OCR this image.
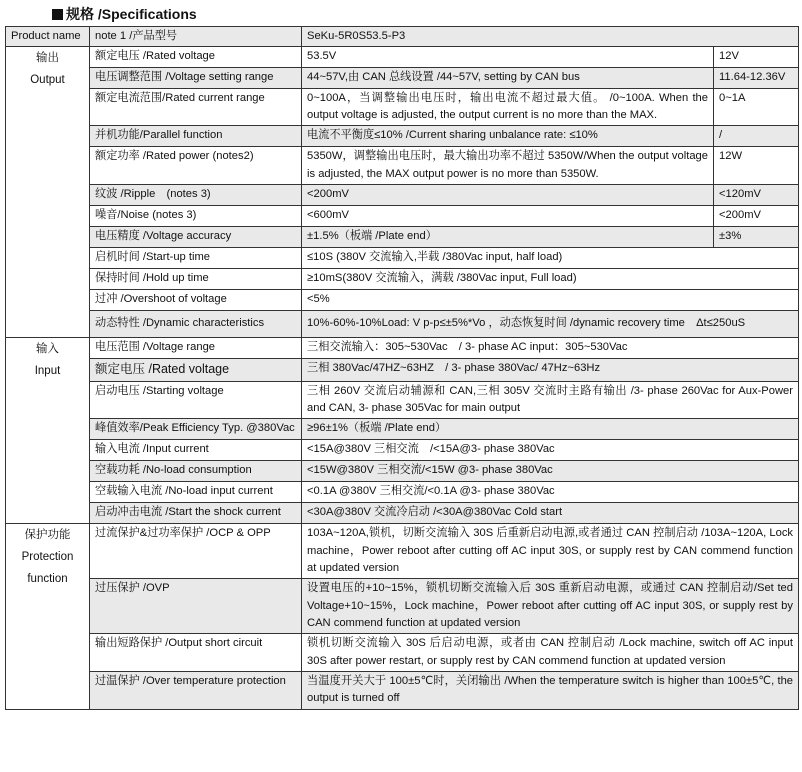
规格 /Specifications
Product name	note 1 /产品型号	SeKu-5R0S53.5-P3	
输出
Output	额定电压 /Rated voltage	53.5V	12V
	电压调整范围 /Voltage setting range	44~57V,由 CAN 总线设置 /44~57V, setting by CAN bus	11.64-12.36V
	额定电流范围/Rated current range	0~100A，当调整输出电压时，输出电流不超过最大值。 /0~100A. When the output voltage is adjusted, the output current is no more than the MAX.	0~1A
	并机功能/Parallel function	电流不平衡度≤10% /Current sharing unbalance rate: ≤10%	/
	额定功率 /Rated power (notes2)	5350W，调整输出电压时，最大输出功率不超过 5350W/When the output voltage is adjusted, the MAX output power is no more than 5350W.	12W
	纹波 /Ripple　(notes 3)	<200mV	<120mV
	噪音/Noise (notes 3)	<600mV	<200mV
	电压精度 /Voltage accuracy	±1.5%（板端 /Plate end）	±3%
	启机时间 /Start-up time	≤10S (380V 交流输入,半载 /380Vac input, half load)	
	保持时间 /Hold up time	≥10mS(380V 交流输入，满载 /380Vac input, Full load)	
	过冲 /Overshoot of voltage	<5%	
	动态特性 /Dynamic characteristics	10%-60%-10%Load: V p-p≤±5%*Vo ，动态恢复时间 /dynamic recovery time　Δt≤250uS	
输入
Input	电压范围 /Voltage range	三相交流输入：305~530Vac　/ 3- phase AC input：305~530Vac	
	额定电压 /Rated voltage	三相 380Vac/47HZ~63HZ　/ 3- phase 380Vac/ 47Hz~63Hz	
	启动电压 /Starting voltage	三相 260V 交流启动辅源和 CAN,三相 305V 交流时主路有输出 /3- phase 260Vac for Aux-Power and CAN, 3- phase 305Vac for main output	
	峰值效率/Peak Efficiency Typ. @380Vac	≥96±1%（板端 /Plate end）	
	输入电流 /Input current	<15A@380V 三相交流　/<15A@3- phase 380Vac	
	空载功耗 /No-load consumption	<15W@380V 三相交流/<15W @3- phase 380Vac	
	空载输入电流 /No-load input current	<0.1A @380V 三相交流/<0.1A @3- phase 380Vac	
	启动冲击电流 /Start the shock current	<30A@380V 交流冷启动 /<30A@380Vac Cold start	
保护功能
Protection
function	过流保护&过功率保护 /OCP & OPP	103A~120A,锁机，切断交流输入 30S 后重新启动电源,或者通过 CAN 控制启动 /103A~120A, Lock machine，Power reboot after cutting off AC input 30S, or supply rest by CAN commend function at updated version	
	过压保护 /OVP	设置电压的+10~15%，锁机切断交流输入后 30S 重新启动电源，或通过 CAN 控制启动/Set ted Voltage+10~15%，Lock machine，Power reboot after cutting off AC input 30S, or supply rest by CAN commend function at updated version	
	输出短路保护 /Output short circuit	锁机切断交流输入 30S 后启动电源，或者由 CAN 控制启动 /Lock machine, switch off AC input 30S after power restart, or supply rest by CAN commend function at updated version	
	过温保护 /Over temperature protection	当温度开关大于 100±5℃时，关闭输出 /When the temperature switch is higher than 100±5℃, the output is turned off	
